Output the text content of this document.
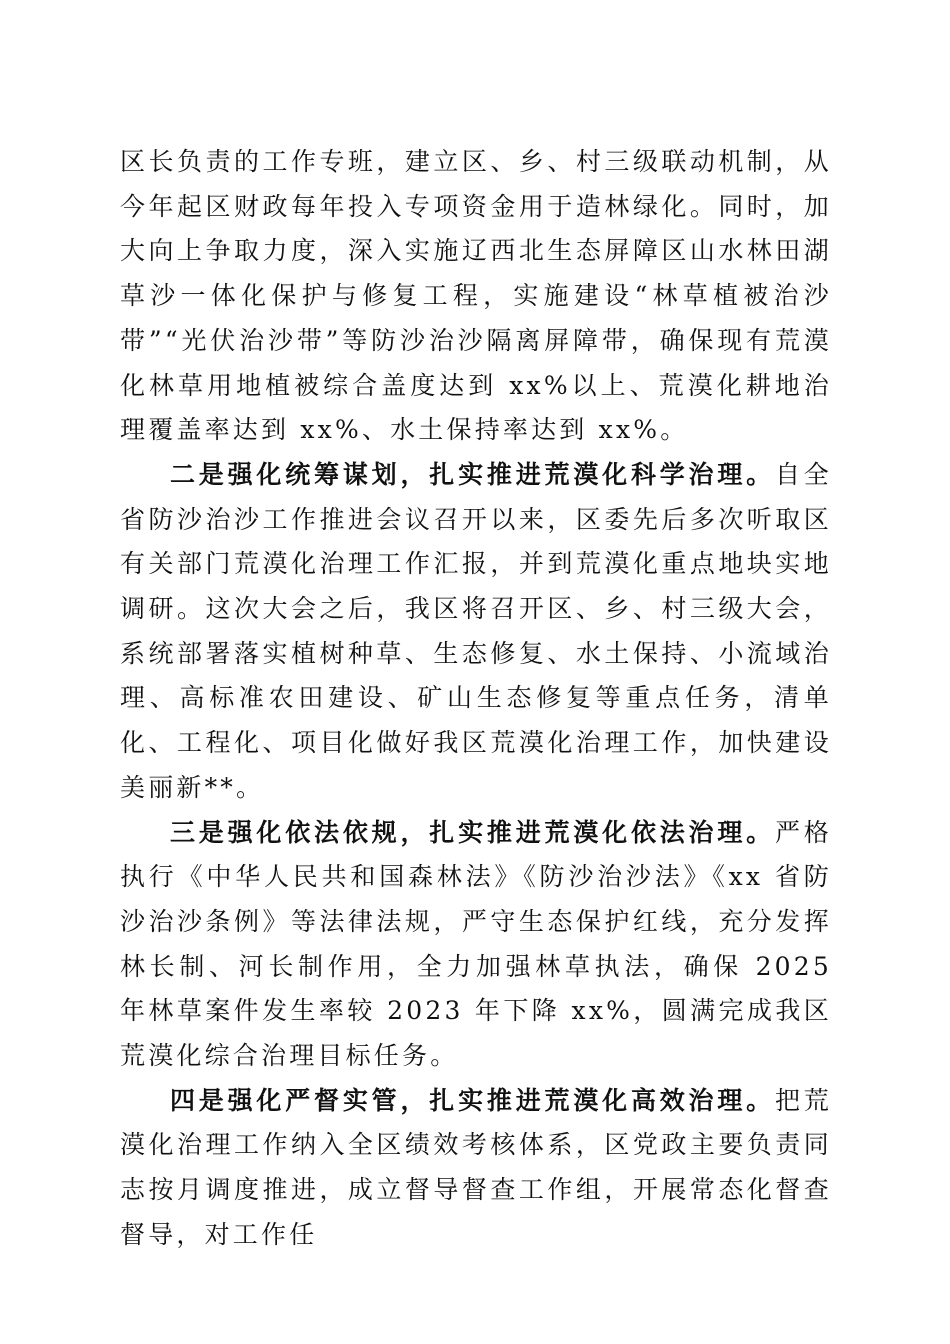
区长负责的工作专班，建立区、乡、村三级联动机制，从今年起区财政每年投入专项资金用于造林绿化。同时，加大向上争取力度，深入实施辽西北生态屏障区山水林田湖草沙一体化保护与修复工程，实施建设“林草植被治沙带”“光伏治沙带”等防沙治沙隔离屏障带，确保现有荒漠化林草用地植被综合盖度达到 xx%以上、荒漠化耕地治理覆盖率达到 xx%、水土保持率达到 xx%。

二是强化统筹谋划，扎实推进荒漠化科学治理。自全省防沙治沙工作推进会议召开以来，区委先后多次听取区有关部门荒漠化治理工作汇报，并到荒漠化重点地块实地调研。这次大会之后，我区将召开区、乡、村三级大会，系统部署落实植树种草、生态修复、水土保持、小流域治理、高标准农田建设、矿山生态修复等重点任务，清单化、工程化、项目化做好我区荒漠化治理工作，加快建设美丽新**。

三是强化依法依规，扎实推进荒漠化依法治理。严格执行《中华人民共和国森林法》《防沙治沙法》《xx 省防沙治沙条例》等法律法规，严守生态保护红线，充分发挥林长制、河长制作用，全力加强林草执法，确保 2025 年林草案件发生率较 2023 年下降 xx%，圆满完成我区荒漠化综合治理目标任务。

四是强化严督实管，扎实推进荒漠化高效治理。把荒漠化治理工作纳入全区绩效考核体系，区党政主要负责同志按月调度推进，成立督导督查工作组，开展常态化督查督导，对工作任
